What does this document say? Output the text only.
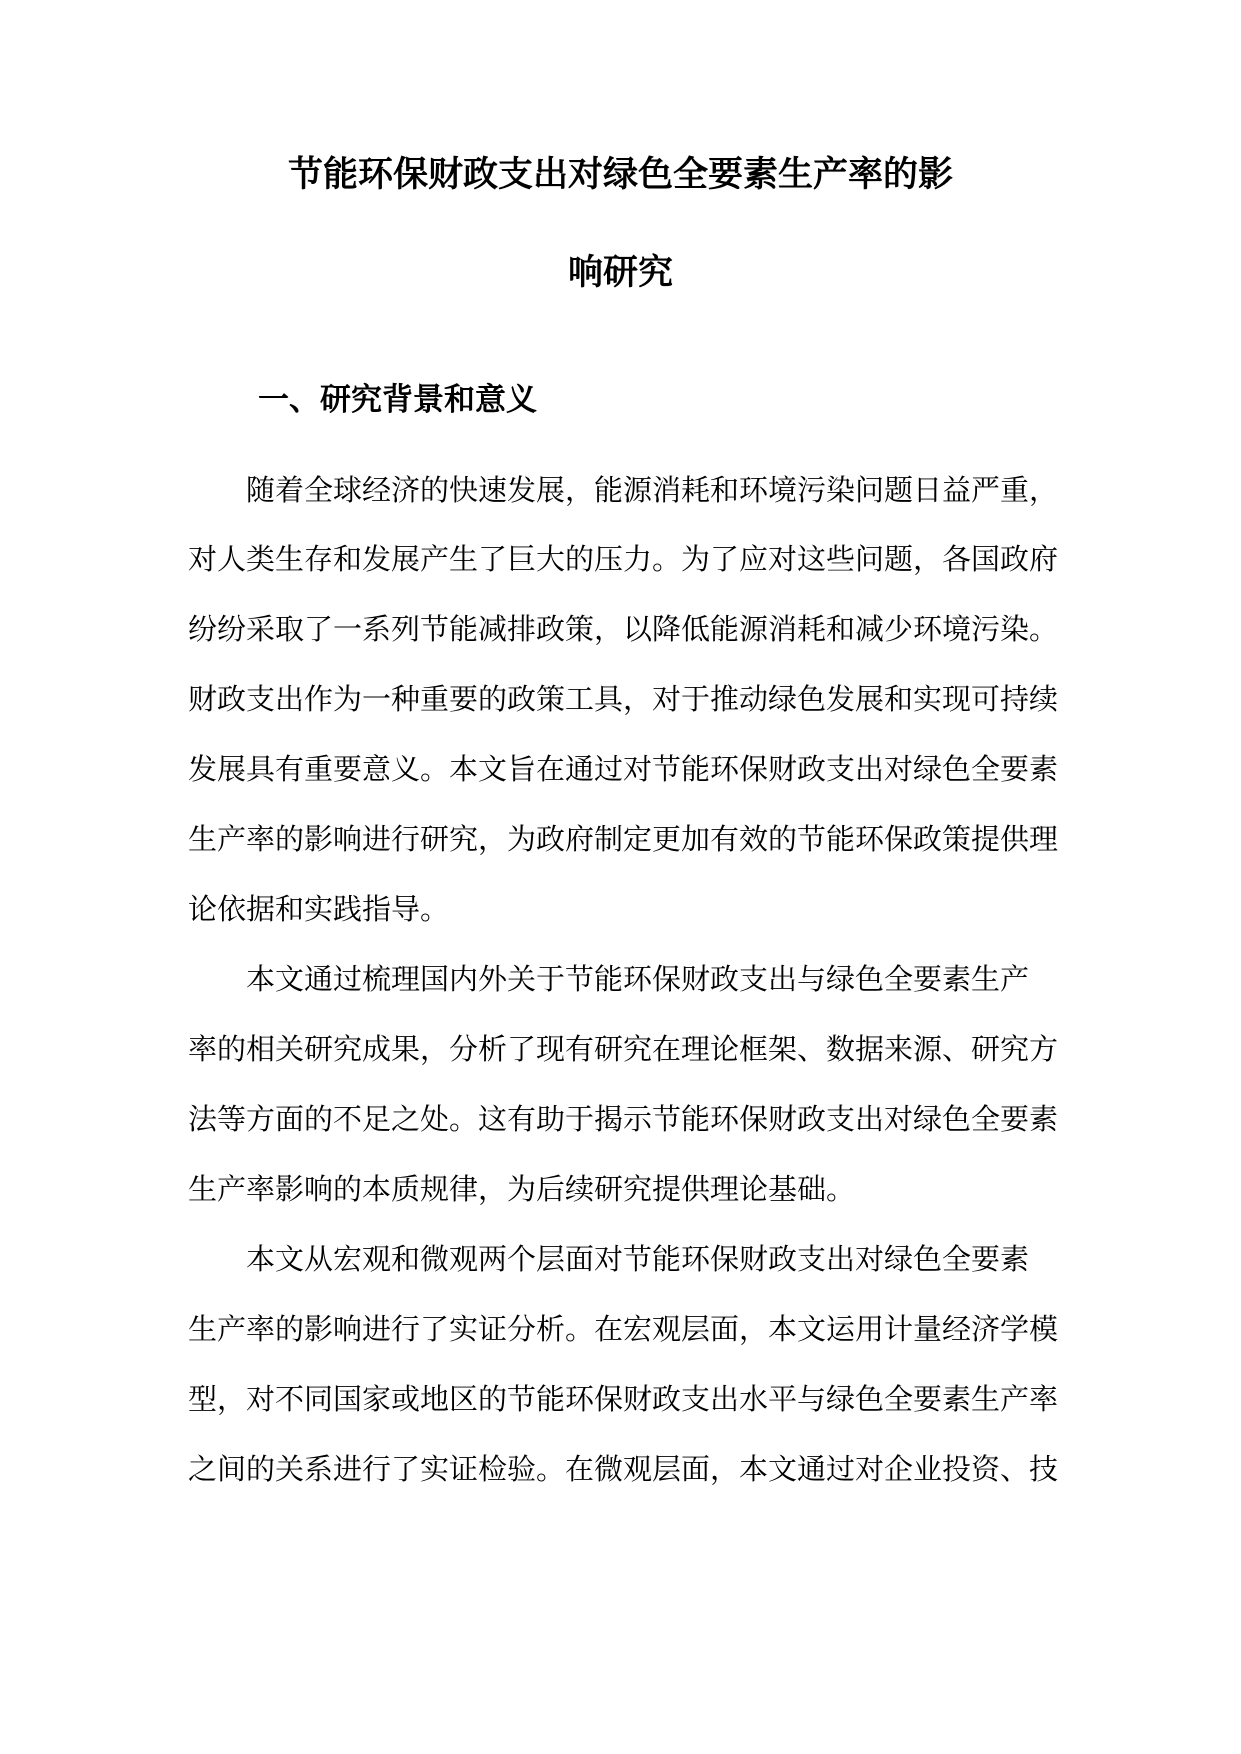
节能环保财政支出对绿色全要素生产率的影
响研究
一、研究背景和意义
随着全球经济的快速发展，能源消耗和环境污染问题日益严重，
对人类生存和发展产生了巨大的压力。为了应对这些问题，各国政府
纷纷采取了一系列节能减排政策，以降低能源消耗和减少环境污染。
财政支出作为一种重要的政策工具，对于推动绿色发展和实现可持续
发展具有重要意义。本文旨在通过对节能环保财政支出对绿色全要素
生产率的影响进行研究，为政府制定更加有效的节能环保政策提供理
论依据和实践指导。
本文通过梳理国内外关于节能环保财政支出与绿色全要素生产
率的相关研究成果，分析了现有研究在理论框架、数据来源、研究方
法等方面的不足之处。这有助于揭示节能环保财政支出对绿色全要素
生产率影响的本质规律，为后续研究提供理论基础。
本文从宏观和微观两个层面对节能环保财政支出对绿色全要素
生产率的影响进行了实证分析。在宏观层面，本文运用计量经济学模
型，对不同国家或地区的节能环保财政支出水平与绿色全要素生产率
之间的关系进行了实证检验。在微观层面，本文通过对企业投资、技
